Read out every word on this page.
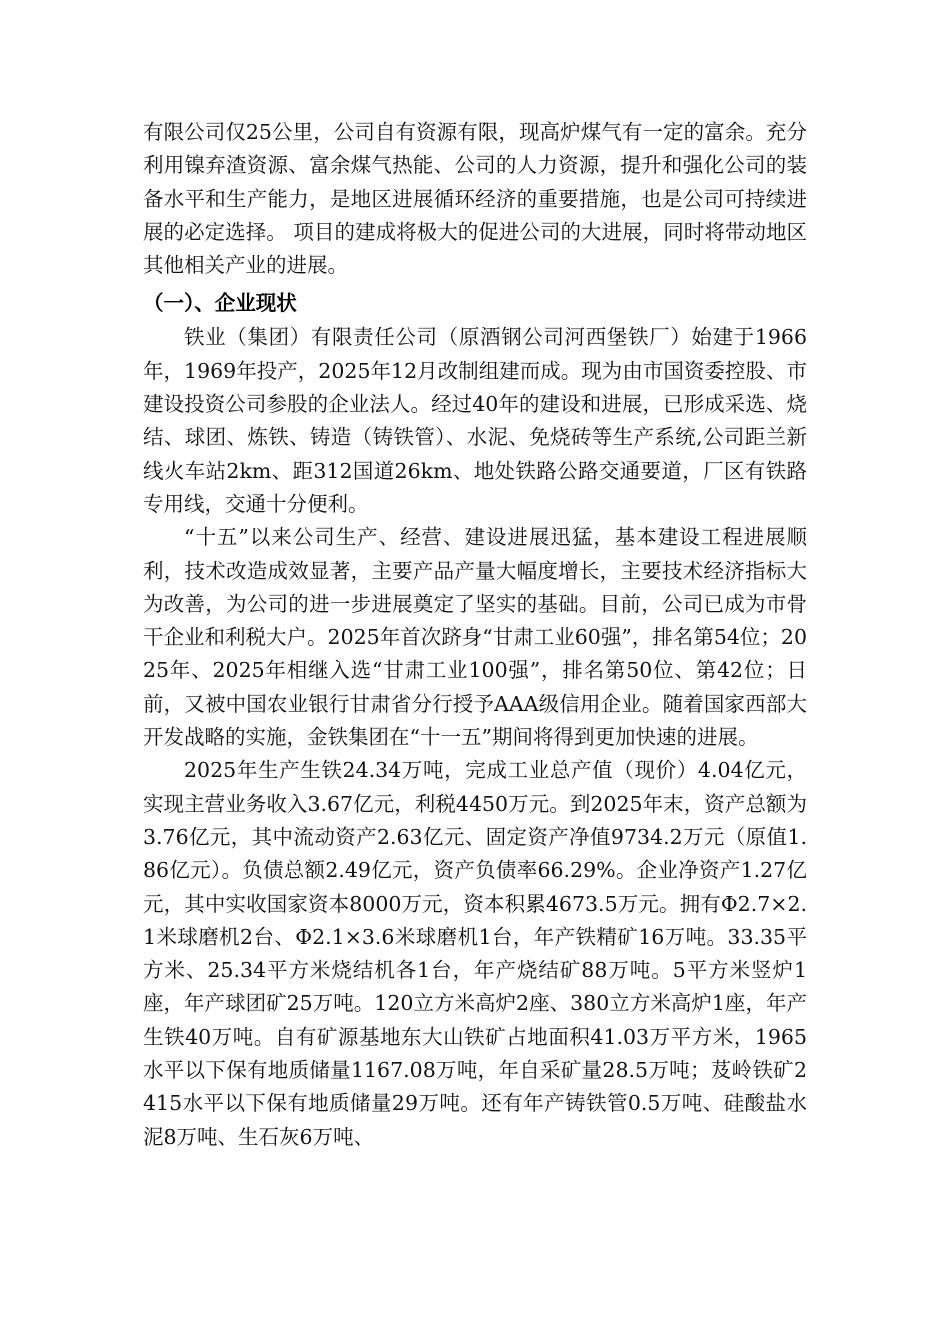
有限公司仅25公里，公司自有资源有限，现高炉煤气有一定的富余。充分利用镍弃渣资源、富余煤气热能、公司的人力资源，提升和强化公司的装备水平和生产能力，是地区进展循环经济的重要措施，也是公司可持续进展的必定选择。 项目的建成将极大的促进公司的大进展，同时将带动地区其他相关产业的进展。

（一）、企业现状

铁业（集团）有限责任公司（原酒钢公司河西堡铁厂）始建于1966年，1969年投产，2025年12月改制组建而成。现为由市国资委控股、市建设投资公司参股的企业法人。经过40年的建设和进展，已形成采选、烧结、球团、炼铁、铸造（铸铁管）、水泥、免烧砖等生产系统,公司距兰新线火车站2km、距312国道26km、地处铁路公路交通要道，厂区有铁路专用线，交通十分便利。

“十五”以来公司生产、经营、建设进展迅猛，基本建设工程进展顺利，技术改造成效显著，主要产品产量大幅度增长，主要技术经济指标大为改善，为公司的进一步进展奠定了坚实的基础。目前，公司已成为市骨干企业和利税大户。2025年首次跻身“甘肃工业60强”，排名第54位；2025年、2025年相继入选“甘肃工业100强”，排名第50位、第42位；日前，又被中国农业银行甘肃省分行授予AAA级信用企业。随着国家西部大开发战略的实施，金铁集团在“十一五”期间将得到更加快速的进展。

2025年生产生铁24.34万吨，完成工业总产值（现价）4.04亿元，实现主营业务收入3.67亿元，利税4450万元。到2025年末，资产总额为3.76亿元，其中流动资产2.63亿元、固定资产净值9734.2万元（原值1.86亿元）。负债总额2.49亿元，资产负债率66.29%。企业净资产1.27亿元，其中实收国家资本8000万元，资本积累4673.5万元。拥有Φ2.7×2.1米球磨机2台、Φ2.1×3.6米球磨机1台，年产铁精矿16万吨。33.35平方米、25.34平方米烧结机各1台，年产烧结矿88万吨。5平方米竖炉1座，年产球团矿25万吨。120立方米高炉2座、380立方米高炉1座，年产生铁40万吨。自有矿源基地东大山铁矿占地面积41.03万平方米，1965水平以下保有地质储量1167.08万吨，年自采矿量28.5万吨；芨岭铁矿2415水平以下保有地质储量29万吨。还有年产铸铁管0.5万吨、硅酸盐水泥8万吨、生石灰6万吨、
